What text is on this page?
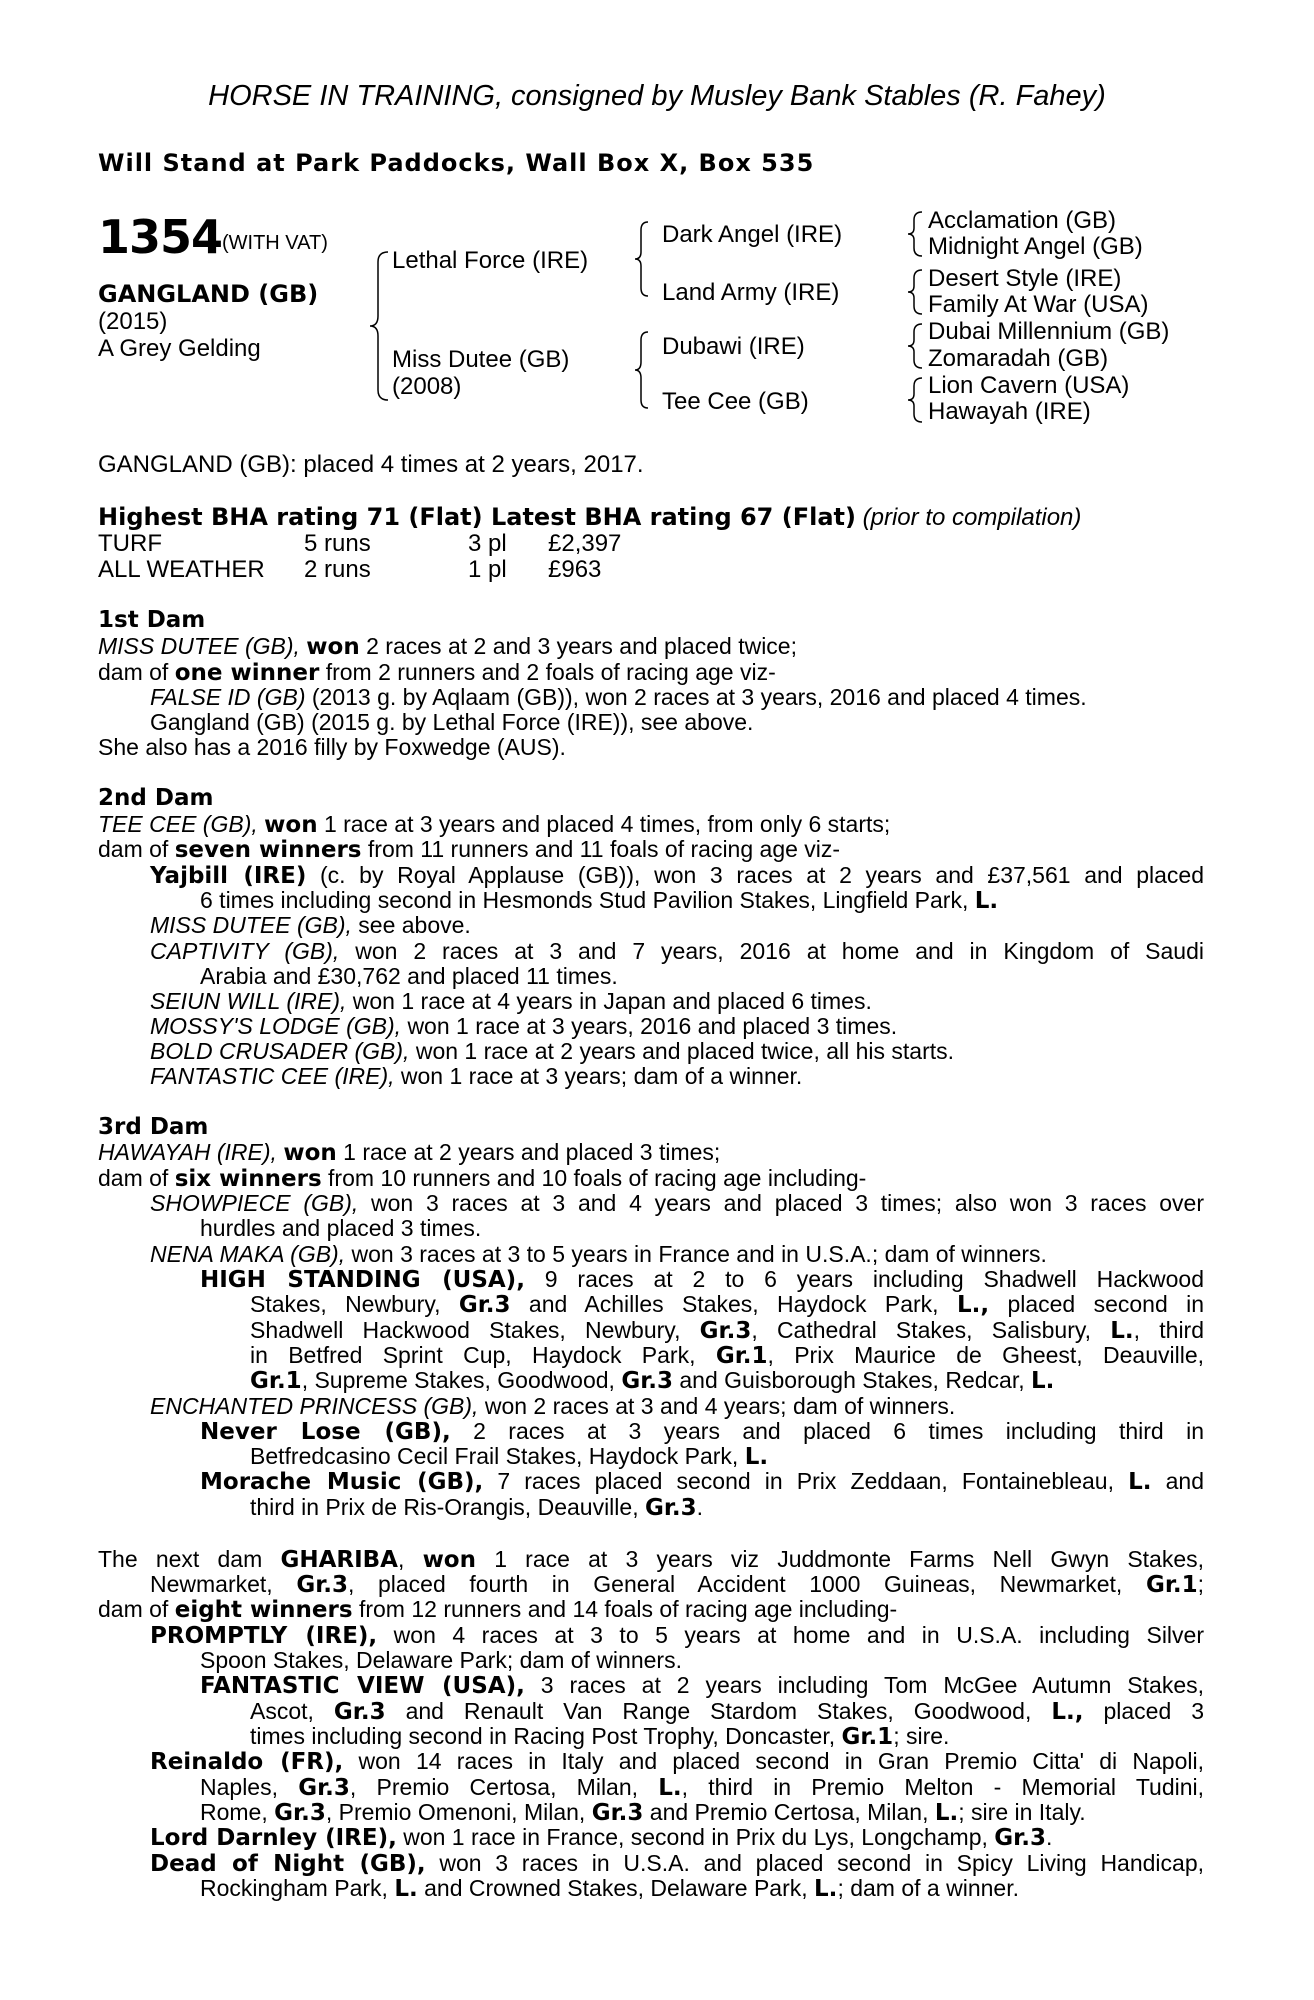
HORSE IN TRAINING, consigned by Musley Bank Stables (R. Fahey)
Will Stand at Park Paddocks, Wall Box X, Box 535
1354 (WITH VAT)
GANGLAND (GB)
(2015)
A Grey Gelding
Lethal Force (IRE)
Miss Dutee (GB)
(2008)
Dark Angel (IRE)
Land Army (IRE)
Dubawi (IRE)
Tee Cee (GB)
Acclamation (GB)
Midnight Angel (GB)
Desert Style (IRE)
Family At War (USA)
Dubai Millennium (GB)
Zomaradah (GB)
Lion Cavern (USA)
Hawayah (IRE)
GANGLAND (GB): placed 4 times at 2 years, 2017.
Highest BHA rating 71 (Flat) Latest BHA rating 67 (Flat) (prior to compilation)
TURF	5 runs	3 pl £2,397
ALL WEATHER 2 runs	1 pl £963
1st Dam
MISS DUTEE (GB), won 2 races at 2 and 3 years and placed twice;
dam of one winner from 2 runners and 2 foals of racing age viz-
FALSE ID (GB) (2013 g. by Aqlaam (GB)), won 2 races at 3 years, 2016 and placed 4 times.
Gangland (GB) (2015 g. by Lethal Force (IRE)), see above.
She also has a 2016 filly by Foxwedge (AUS).
2nd Dam
TEE CEE (GB), won 1 race at 3 years and placed 4 times, from only 6 starts;
dam of seven winners from 11 runners and 11 foals of racing age viz-
Yajbill (IRE) (c. by Royal Applause (GB)), won 3 races at 2 years and £37,561 and placed
6 times including second in Hesmonds Stud Pavilion Stakes, Lingfield Park, L.
MISS DUTEE (GB), see above.
CAPTIVITY (GB), won 2 races at 3 and 7 years, 2016 at home and in Kingdom of Saudi
Arabia and £30,762 and placed 11 times.
SEIUN WILL (IRE), won 1 race at 4 years in Japan and placed 6 times.
MOSSY'S LODGE (GB), won 1 race at 3 years, 2016 and placed 3 times.
BOLD CRUSADER (GB), won 1 race at 2 years and placed twice, all his starts.
FANTASTIC CEE (IRE), won 1 race at 3 years; dam of a winner.
3rd Dam
HAWAYAH (IRE), won 1 race at 2 years and placed 3 times;
dam of six winners from 10 runners and 10 foals of racing age including-
SHOWPIECE (GB), won 3 races at 3 and 4 years and placed 3 times; also won 3 races over
hurdles and placed 3 times.
NENA MAKA (GB), won 3 races at 3 to 5 years in France and in U.S.A.; dam of winners.
HIGH STANDING (USA), 9 races at 2 to 6 years including Shadwell Hackwood
Stakes, Newbury, Gr.3 and Achilles Stakes, Haydock Park, L., placed second in
Shadwell Hackwood Stakes, Newbury, Gr.3, Cathedral Stakes, Salisbury, L., third
in Betfred Sprint Cup, Haydock Park, Gr.1, Prix Maurice de Gheest, Deauville,
Gr.1, Supreme Stakes, Goodwood, Gr.3 and Guisborough Stakes, Redcar, L.
ENCHANTED PRINCESS (GB), won 2 races at 3 and 4 years; dam of winners.
Never Lose (GB), 2 races at 3 years and placed 6 times including third in
Betfredcasino Cecil Frail Stakes, Haydock Park, L.
Morache Music (GB), 7 races placed second in Prix Zeddaan, Fontainebleau, L. and
third in Prix de Ris-Orangis, Deauville, Gr.3.
The next dam GHARIBA, won 1 race at 3 years viz Juddmonte Farms Nell Gwyn Stakes,
Newmarket, Gr.3, placed fourth in General Accident 1000 Guineas, Newmarket, Gr.1;
dam of eight winners from 12 runners and 14 foals of racing age including-
PROMPTLY (IRE), won 4 races at 3 to 5 years at home and in U.S.A. including Silver
Spoon Stakes, Delaware Park; dam of winners.
FANTASTIC VIEW (USA), 3 races at 2 years including Tom McGee Autumn Stakes,
Ascot, Gr.3 and Renault Van Range Stardom Stakes, Goodwood, L., placed 3
times including second in Racing Post Trophy, Doncaster, Gr.1; sire.
Reinaldo (FR), won 14 races in Italy and placed second in Gran Premio Citta' di Napoli,
Naples, Gr.3, Premio Certosa, Milan, L., third in Premio Melton - Memorial Tudini,
Rome, Gr.3, Premio Omenoni, Milan, Gr.3 and Premio Certosa, Milan, L.; sire in Italy.
Lord Darnley (IRE), won 1 race in France, second in Prix du Lys, Longchamp, Gr.3.
Dead of Night (GB), won 3 races in U.S.A. and placed second in Spicy Living Handicap,
Rockingham Park, L. and Crowned Stakes, Delaware Park, L.; dam of a winner.
